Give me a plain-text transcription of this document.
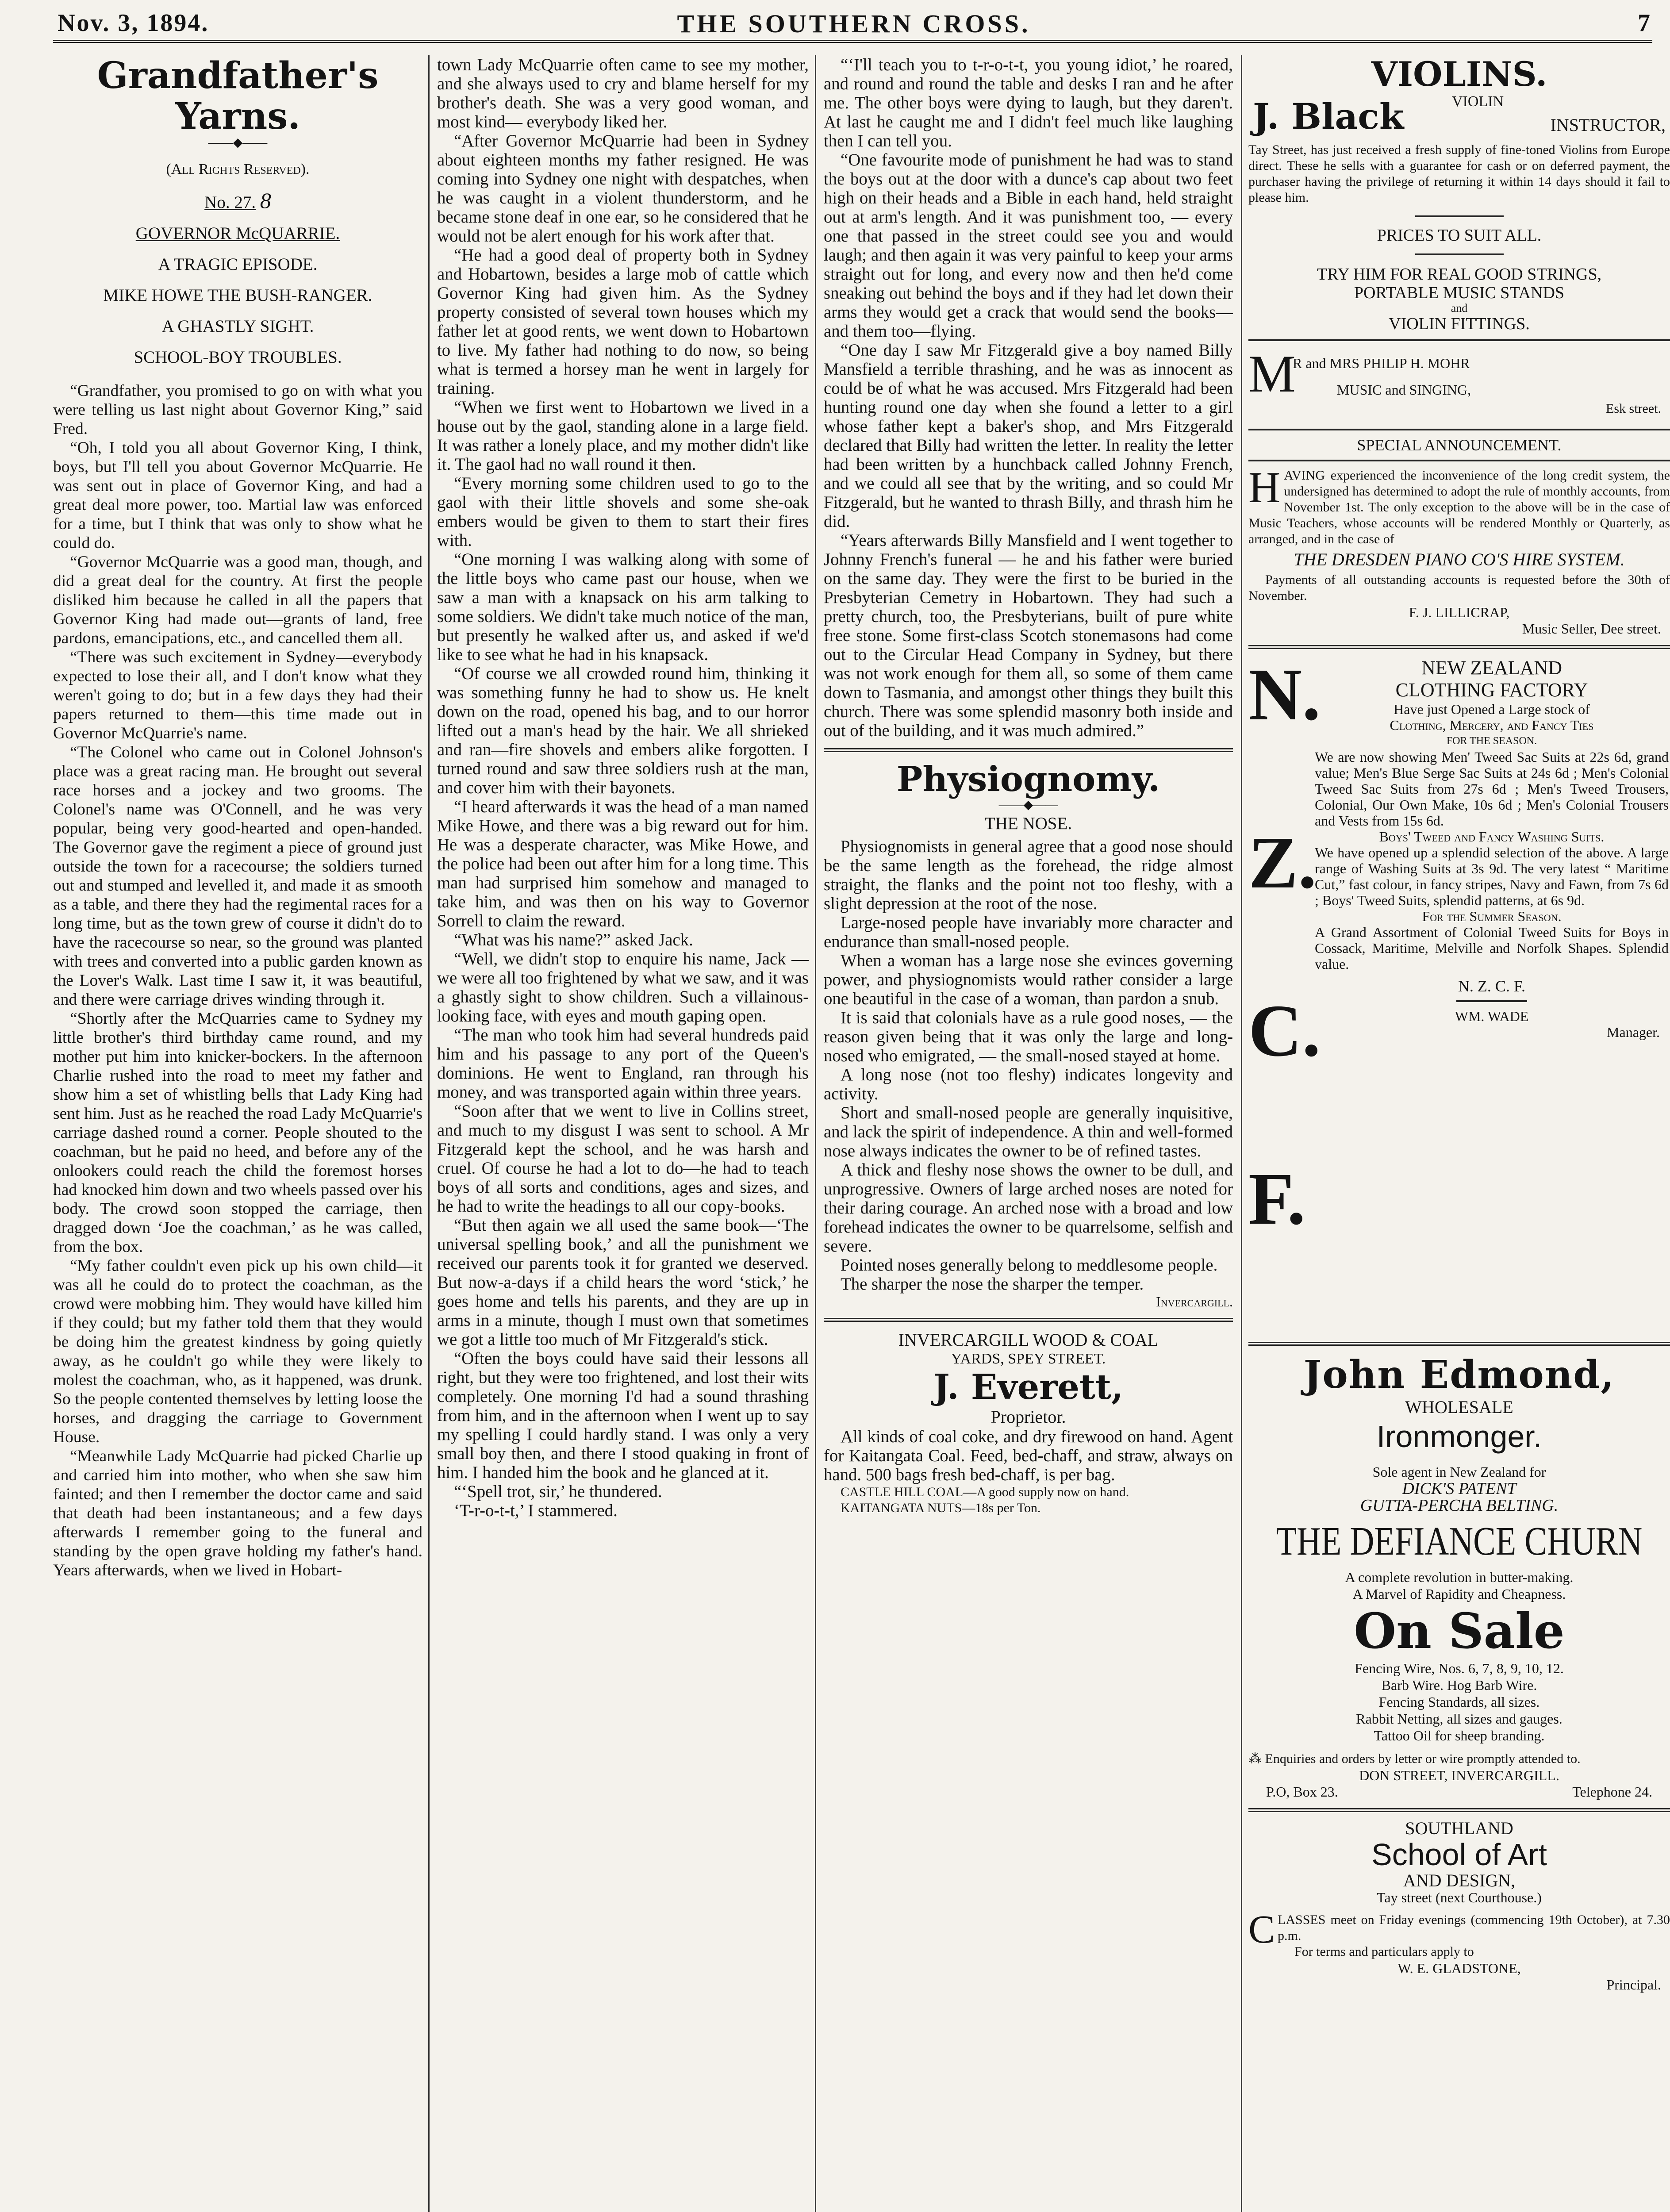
Nov. 3, 1894.	THE SOUTHERN CROSS.	7
Grandfather's
Yarns.
——◆——
(All Rights Reserved).
No. 27. 8
GOVERNOR McQUARRIE.
A TRAGIC EPISODE.
MIKE HOWE THE BUSH-RANGER.
A GHASTLY SIGHT.
SCHOOL-BOY TROUBLES.

“Grandfather, you promised to go on with what you were telling us last night about Governor King,” said Fred.

“Oh, I told you all about Governor King, I think, boys, but I'll tell you about Governor McQuarrie. He was sent out in place of Governor King, and had a great deal more power, too. Martial law was enforced for a time, but I think that was only to show what he could do.

“Governor McQuarrie was a good man, though, and did a great deal for the country. At first the people disliked him because he called in all the papers that Governor King had made out—grants of land, free pardons, emancipations, etc., and cancelled them all.

“There was such excitement in Sydney—everybody expected to lose their all, and I don't know what they weren't going to do; but in a few days they had their papers returned to them—this time made out in Governor McQuarrie's name.

“The Colonel who came out in Colonel Johnson's place was a great racing man. He brought out several race horses and a jockey and two grooms. The Colonel's name was O'Connell, and he was very popular, being very good-hearted and open-handed. The Governor gave the regiment a piece of ground just outside the town for a racecourse; the soldiers turned out and stumped and levelled it, and made it as smooth as a table, and there they had the regimental races for a long time, but as the town grew of course it didn't do to have the racecourse so near, so the ground was planted with trees and converted into a public garden known as the Lover's Walk. Last time I saw it, it was beautiful, and there were carriage drives winding through it.

“Shortly after the McQuarries came to Sydney my little brother's third birthday came round, and my mother put him into knicker-bockers. In the afternoon Charlie rushed into the road to meet my father and show him a set of whistling bells that Lady King had sent him. Just as he reached the road Lady McQuarrie's carriage dashed round a corner. People shouted to the coachman, but he paid no heed, and before any of the onlookers could reach the child the foremost horses had knocked him down and two wheels passed over his body. The crowd soon stopped the carriage, then dragged down ‘Joe the coachman,’ as he was called, from the box.

“My father couldn't even pick up his own child—it was all he could do to protect the coachman, as the crowd were mobbing him. They would have killed him if they could; but my father told them that they would be doing him the greatest kindness by going quietly away, as he couldn't go while they were likely to molest the coachman, who, as it happened, was drunk. So the people contented themselves by letting loose the horses, and dragging the carriage to Government House.

“Meanwhile Lady McQuarrie had picked Charlie up and carried him into mother, who when she saw him fainted; and then I remember the doctor came and said that death had been instantaneous; and a few days afterwards I remember going to the funeral and standing by the open grave holding my father's hand. Years afterwards, when we lived in Hobart-

town Lady McQuarrie often came to see my mother, and she always used to cry and blame herself for my brother's death. She was a very good woman, and most kind— everybody liked her.

“After Governor McQuarrie had been in Sydney about eighteen months my father resigned. He was coming into Sydney one night with despatches, when he was caught in a violent thunderstorm, and he became stone deaf in one ear, so he considered that he would not be alert enough for his work after that.

“He had a good deal of property both in Sydney and Hobartown, besides a large mob of cattle which Governor King had given him. As the Sydney property consisted of several town houses which my father let at good rents, we went down to Hobartown to live. My father had nothing to do now, so being what is termed a horsey man he went in largely for training.

“When we first went to Hobartown we lived in a house out by the gaol, standing alone in a large field. It was rather a lonely place, and my mother didn't like it. The gaol had no wall round it then.

“Every morning some children used to go to the gaol with their little shovels and some she-oak embers would be given to them to start their fires with.

“One morning I was walking along with some of the little boys who came past our house, when we saw a man with a knapsack on his arm talking to some soldiers. We didn't take much notice of the man, but presently he walked after us, and asked if we'd like to see what he had in his knapsack.

“Of course we all crowded round him, thinking it was something funny he had to show us. He knelt down on the road, opened his bag, and to our horror lifted out a man's head by the hair. We all shrieked and ran—fire shovels and embers alike forgotten. I turned round and saw three soldiers rush at the man, and cover him with their bayonets.

“I heard afterwards it was the head of a man named Mike Howe, and there was a big reward out for him. He was a desperate character, was Mike Howe, and the police had been out after him for a long time. This man had surprised him somehow and managed to take him, and was then on his way to Governor Sorrell to claim the reward.

“What was his name?” asked Jack.

“Well, we didn't stop to enquire his name, Jack — we were all too frightened by what we saw, and it was a ghastly sight to show children. Such a villainous-looking face, with eyes and mouth gaping open.

“The man who took him had several hundreds paid him and his passage to any port of the Queen's dominions. He went to England, ran through his money, and was transported again within three years.

“Soon after that we went to live in Collins street, and much to my disgust I was sent to school. A Mr Fitzgerald kept the school, and he was harsh and cruel. Of course he had a lot to do—he had to teach boys of all sorts and conditions, ages and sizes, and he had to write the headings to all our copy-books.

“But then again we all used the same book—‘The universal spelling book,’ and all the punishment we received our parents took it for granted we deserved. But now-a-days if a child hears the word ‘stick,’ he goes home and tells his parents, and they are up in arms in a minute, though I must own that sometimes we got a little too much of Mr Fitzgerald's stick.

“Often the boys could have said their lessons all right, but they were too frightened, and lost their wits completely. One morning I'd had a sound thrashing from him, and in the afternoon when I went up to say my spelling I could hardly stand. I was only a very small boy then, and there I stood quaking in front of him. I handed him the book and he glanced at it.

“‘Spell trot, sir,’ he thundered.

‘T-r-o-t-t,’ I stammered.

“‘I'll teach you to t-r-o-t-t, you young idiot,’ he roared, and round and round the table and desks I ran and he after me. The other boys were dying to laugh, but they daren't. At last he caught me and I didn't feel much like laughing then I can tell you.

“One favourite mode of punishment he had was to stand the boys out at the door with a dunce's cap about two feet high on their heads and a Bible in each hand, held straight out at arm's length. And it was punishment too, — every one that passed in the street could see you and would laugh; and then again it was very painful to keep your arms straight out for long, and every now and then he'd come sneaking out behind the boys and if they had let down their arms they would get a crack that would send the books—and them too—flying.

“One day I saw Mr Fitzgerald give a boy named Billy Mansfield a terrible thrashing, and he was as innocent as could be of what he was accused. Mrs Fitzgerald had been hunting round one day when she found a letter to a girl whose father kept a baker's shop, and Mrs Fitzgerald declared that Billy had written the letter. In reality the letter had been written by a hunchback called Johnny French, and we could all see that by the writing, and so could Mr Fitzgerald, but he wanted to thrash Billy, and thrash him he did.

“Years afterwards Billy Mansfield and I went together to Johnny French's funeral — he and his father were buried on the same day. They were the first to be buried in the Presbyterian Cemetry in Hobartown. They had such a pretty church, too, the Presbyterians, built of pure white free stone. Some first-class Scotch stonemasons had come out to the Circular Head Company in Sydney, but there was not work enough for them all, so some of them came down to Tasmania, and amongst other things they built this church. There was some splendid masonry both inside and out of the building, and it was much admired.”

Physiognomy.
——◆——
THE NOSE.

Physiognomists in general agree that a good nose should be the same length as the forehead, the ridge almost straight, the flanks and the point not too fleshy, with a slight depression at the root of the nose.

Large-nosed people have invariably more character and endurance than small-nosed people.

When a woman has a large nose she evinces governing power, and physiognomists would rather consider a large one beautiful in the case of a woman, than pardon a snub.

It is said that colonials have as a rule good noses, — the reason given being that it was only the large and long-nosed who emigrated, — the small-nosed stayed at home.

A long nose (not too fleshy) indicates longevity and activity.

Short and small-nosed people are generally inquisitive, and lack the spirit of independence. A thin and well-formed nose always indicates the owner to be of refined tastes.

A thick and fleshy nose shows the owner to be dull, and unprogressive. Owners of large arched noses are noted for their daring courage. An arched nose with a broad and low forehead indicates the owner to be quarrelsome, selfish and severe.

Pointed noses generally belong to meddlesome people.

The sharper the nose the sharper the temper.

Invercargill.
INVERCARGILL WOOD & COAL
YARDS, SPEY STREET.
J. Everett,
Proprietor.

All kinds of coal coke, and dry firewood on hand. Agent for Kaitangata Coal. Feed, bed-chaff, and straw, always on hand. 500 bags fresh bed-chaff, is per bag.

CASTLE HILL COAL—A good supply now on hand.
KAITANGATA NUTS—18s per Ton.
VIOLINS.
J. Black	VIOLIN
INSTRUCTOR,
Tay Street, has just received a fresh supply of fine-toned Violins from Europe direct. These he sells with a guarantee for cash or on deferred payment, the purchaser having the privilege of returning it within 14 days should it fail to please him.
PRICES TO SUIT ALL.
TRY HIM FOR REAL GOOD STRINGS,
PORTABLE MUSIC STANDS
and
VIOLIN FITTINGS.
M
R and MRS PHILIP H. MOHR
MUSIC and SINGING,
Esk street.
SPECIAL ANNOUNCEMENT.
H AVING experienced the inconvenience of the long credit system, the undersigned has determined to adopt the rule of monthly accounts, from November 1st. The only exception to the above will be in the case of Music Teachers, whose accounts will be rendered Monthly or Quarterly, as arranged, and in the case of
THE DRESDEN PIANO CO'S HIRE SYSTEM.
Payments of all outstanding accounts is requested before the 30th of November.
F. J. LILLICRAP,
Music Seller, Dee street.
N.
Z.
C.
F.
NEW ZEALAND
CLOTHING FACTORY
Have just Opened a Large stock of
Clothing, Mercery, and Fancy Ties
FOR THE SEASON.
We are now showing Men' Tweed Sac Suits at 22s 6d, grand value; Men's Blue Serge Sac Suits at 24s 6d ; Men's Colonial Tweed Sac Suits from 27s 6d ; Men's Tweed Trousers, Colonial, Our Own Make, 10s 6d ; Men's Colonial Trousers and Vests from 15s 6d.
Boys' Tweed and Fancy Washing Suits.
We have opened up a splendid selection of the above. A large range of Washing Suits at 3s 9d. The very latest “ Maritime Cut,” fast colour, in fancy stripes, Navy and Fawn, from 7s 6d ; Boys' Tweed Suits, splendid patterns, at 6s 9d.
For the Summer Season.
A Grand Assortment of Colonial Tweed Suits for Boys in Cossack, Maritime, Melville and Norfolk Shapes. Splendid value.
N. Z. C. F.
WM. WADE
Manager.
John Edmond,
WHOLESALE
Ironmonger.
Sole agent in New Zealand for
DICK'S PATENT
GUTTA-PERCHA BELTING.
THE DEFIANCE CHURN
A complete revolution in butter-making.
A Marvel of Rapidity and Cheapness.
On Sale
Fencing Wire, Nos. 6, 7, 8, 9, 10, 12.
Barb Wire. Hog Barb Wire.
Fencing Standards, all sizes.
Rabbit Netting, all sizes and gauges.
Tattoo Oil for sheep branding.
⁂ Enquiries and orders by letter or wire promptly attended to.
DON STREET, INVERCARGILL.
P.O, Box 23.	Telephone 24.
SOUTHLAND
School of Art
AND DESIGN,
Tay street (next Courthouse.)
C LASSES meet on Friday evenings (commencing 19th October), at 7.30 p.m.
For terms and particulars apply to
W. E. GLADSTONE,
Principal.
